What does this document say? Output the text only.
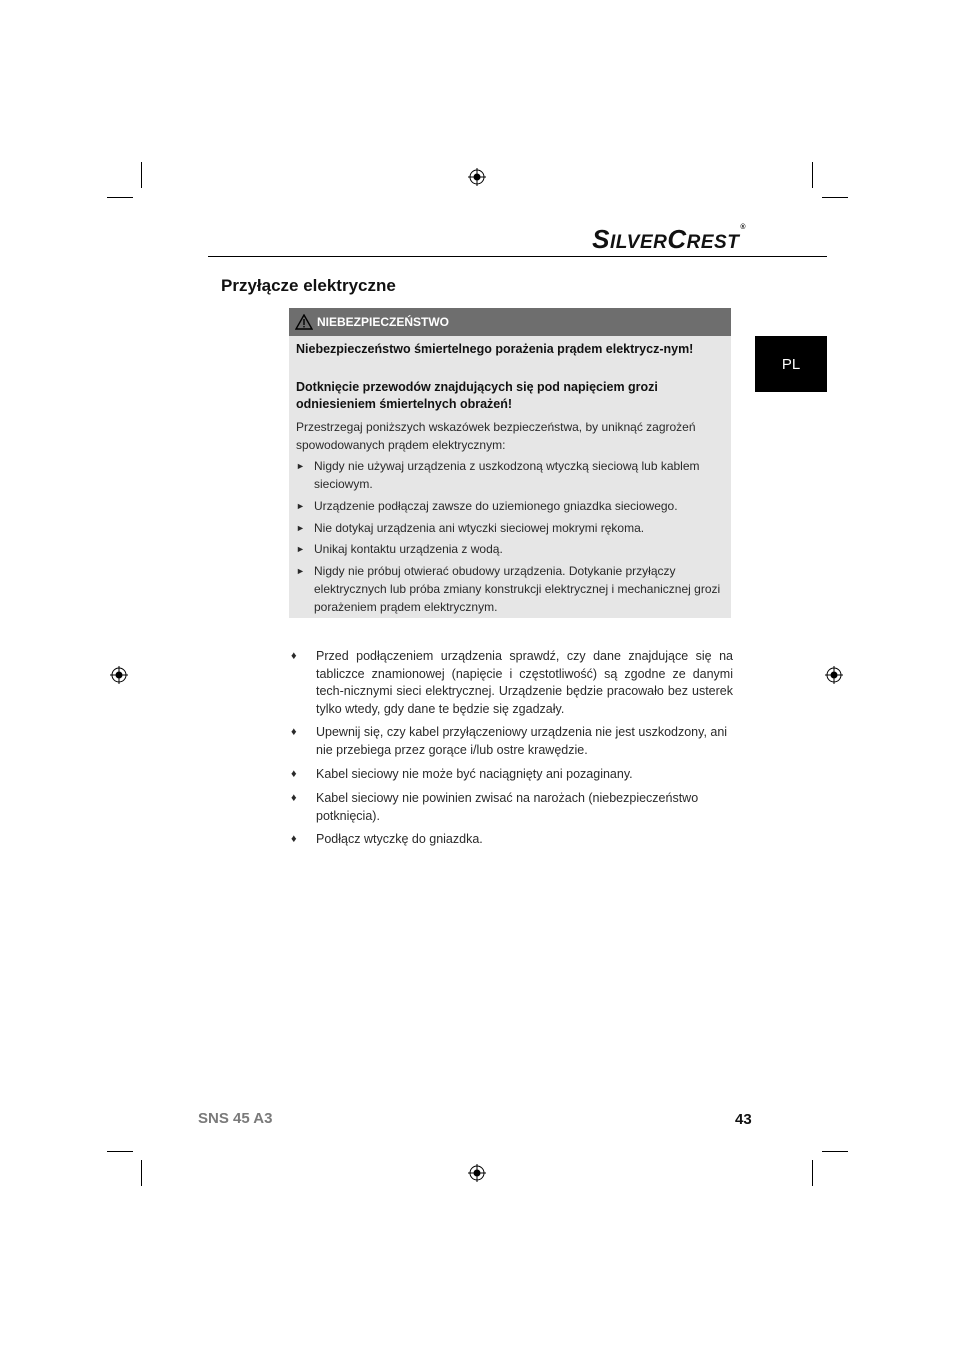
SILVERCREST®
Przyłącze elektryczne
PL
NIEBEZPIECZEŃSTWO
Niebezpieczeństwo śmiertelnego porażenia prądem elektrycz-nym!
Dotknięcie przewodów znajdujących się pod napięciem grozi odniesieniem śmiertelnych obrażeń!
Przestrzegaj poniższych wskazówek bezpieczeństwa, by uniknąć zagrożeń spowodowanych prądem elektrycznym:
► Nigdy nie używaj urządzenia z uszkodzoną wtyczką sieciową lub kablem sieciowym.
► Urządzenie podłączaj zawsze do uziemionego gniazdka sieciowego.
► Nie dotykaj urządzenia ani wtyczki sieciowej mokrymi rękoma.
► Unikaj kontaktu urządzenia z wodą.
► Nigdy nie próbuj otwierać obudowy urządzenia. Dotykanie przyłączy elektrycznych lub próba zmiany konstrukcji elektrycznej i mechanicznej grozi porażeniem prądem elektrycznym.
♦ Przed podłączeniem urządzenia sprawdź, czy dane znajdujące się na tabliczce znamionowej (napięcie i częstotliwość) są zgodne ze danymi tech-nicznymi sieci elektrycznej. Urządzenie będzie pracowało bez usterek tylko wtedy, gdy dane te będzie się zgadzały.
♦ Upewnij się, czy kabel przyłączeniowy urządzenia nie jest uszkodzony, ani nie przebiega przez gorące i/lub ostre krawędzie.
♦ Kabel sieciowy nie może być naciągnięty ani pozaginany.
♦ Kabel sieciowy nie powinien zwisać na narożach (niebezpieczeństwo potknięcia).
♦ Podłącz wtyczkę do gniazdka.
SNS 45 A3	43
